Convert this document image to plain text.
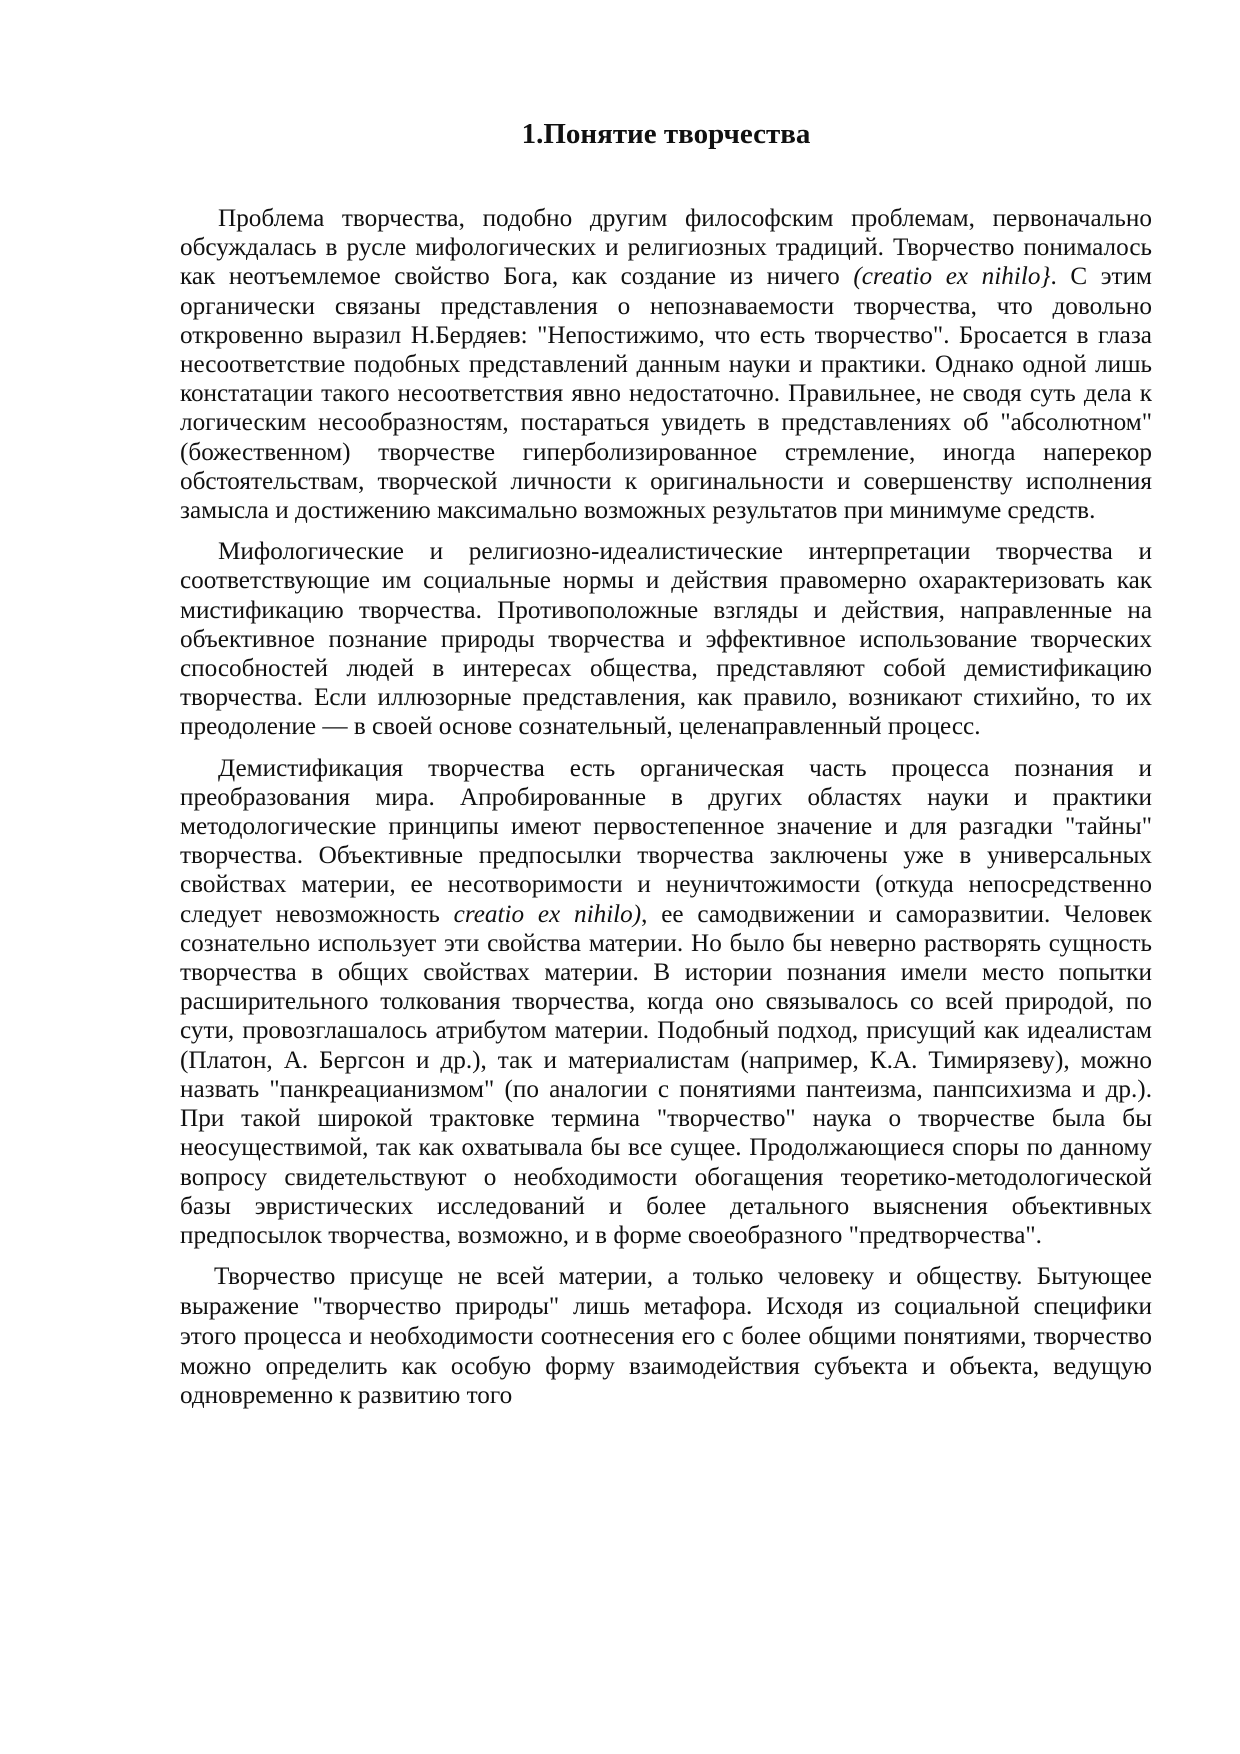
1.Понятие творчества

Проблема творчества, подобно другим философским проблемам, первоначально обсуждалась в русле мифологических и религиозных традиций. Творчество понималось как неотъемлемое свойство Бога, как создание из ничего (creatio ex nihilo}. С этим органически связаны представления о непознаваемости творчества, что довольно откровенно выразил Н.Бердяев: "Непостижимо, что есть творчество". Бросается в глаза несоответствие подобных представлений данным науки и практики. Однако одной лишь констатации такого несоответствия явно недостаточно. Правильнее, не сводя суть дела к логическим несообразностям, постараться увидеть в представлениях об "абсолютном" (божественном) творчестве гиперболизированное стремление, иногда наперекор обстоятельствам, творческой личности к оригинальности и совершенству исполнения замысла и достижению максимально возможных результатов при минимуме средств.

Мифологические и религиозно-идеалистические интерпретации творчества и соответствующие им социальные нормы и действия правомерно охарактеризовать как мистификацию творчества. Противоположные взгляды и действия, направленные на объективное познание природы творчества и эффективное использование творческих способностей людей в интересах общества, представляют собой демистификацию творчества. Если иллюзорные представления, как правило, возникают стихийно, то их преодоление — в своей основе сознательный, целенаправленный процесс.

Демистификация творчества есть органическая часть процесса познания и преобразования мира. Апробированные в других областях науки и практики методологические принципы имеют первостепенное значение и для разгадки "тайны" творчества. Объективные предпосылки творчества заключены уже в универсальных свойствах материи, ее несотворимости и неуничтожимости (откуда непосредственно следует невозможность creatio ex nihilo), ее самодвижении и саморазвитии. Человек сознательно использует эти свойства материи. Но было бы неверно растворять сущность творчества в общих свойствах материи. В истории познания имели место попытки расширительного толкования творчества, когда оно связывалось со всей природой, по сути, провозглашалось атрибутом материи. Подобный подход, присущий как идеалистам (Платон, А. Бергсон и др.), так и материалистам (например, К.А. Тимирязеву), можно назвать "панкреацианизмом" (по аналогии с понятиями пантеизма, панпсихизма и др.). При такой широкой трактовке термина "творчество" наука о творчестве была бы неосуществимой, так как охватывала бы все сущее. Продолжающиеся споры по данному вопросу свидетельствуют о необходимости обогащения теоретико-методологической базы эвристических исследований и более детального выяснения объективных предпосылок творчества, возможно, и в форме своеобразного "предтворчества".

Творчество присуще не всей материи, а только человеку и обществу. Бытующее выражение "творчество природы" лишь метафора. Исходя из социальной специфики этого процесса и необходимости соотнесения его с более общими понятиями, творчество можно определить как особую форму взаимодействия субъекта и объекта, ведущую одновременно к развитию того
